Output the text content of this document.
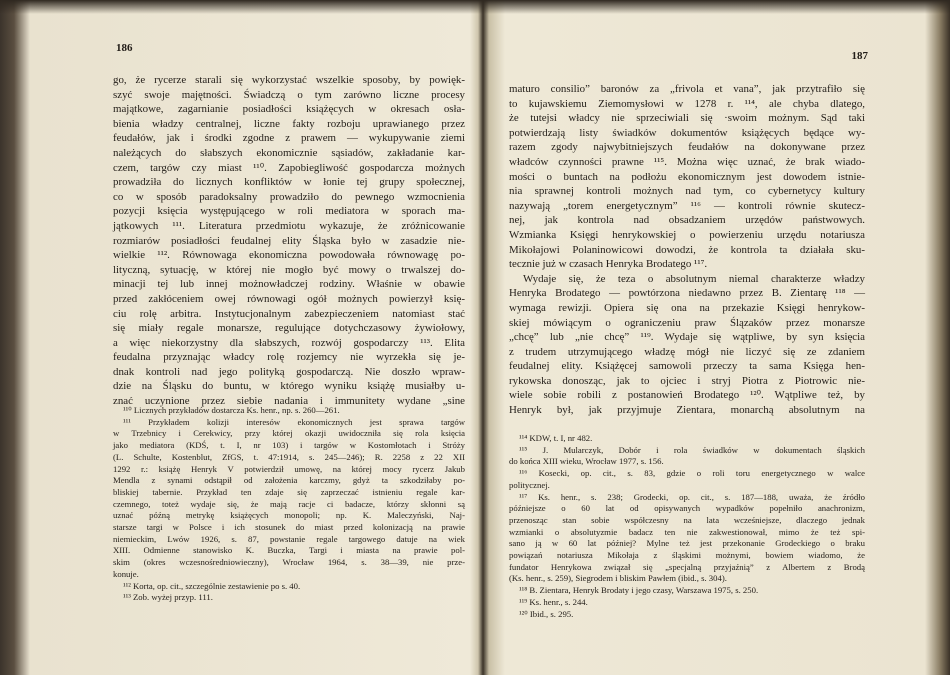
186
go, że rycerze starali się wykorzystać wszelkie sposoby, by powięk-
szyć swoje majętności. Świadczą o tym zarówno liczne procesy
majątkowe, zagarnianie posiadłości książęcych w okresach osła-
bienia władzy centralnej, liczne fakty rozboju uprawianego przez
feudałów, jak i środki zgodne z prawem — wykupywanie ziemi
należących do słabszych ekonomicznie sąsiadów, zakładanie kar-
czem, targów czy miast ¹¹⁰. Zapobiegliwość gospodarcza możnych
prowadziła do licznych konfliktów w łonie tej grupy społecznej,
co w sposób paradoksalny prowadziło do pewnego wzmocnienia
pozycji księcia występującego w roli mediatora w sporach ma-
jątkowych ¹¹¹. Literatura przedmiotu wykazuje, że zróżnicowanie
rozmiarów posiadłości feudalnej elity Śląska było w zasadzie nie-
wielkie ¹¹². Równowaga ekonomiczna powodowała równowagę po-
lityczną, sytuację, w której nie mogło być mowy o trwalszej do-
minacji tej lub innej możnowładczej rodziny. Właśnie w obawie
przed zakłóceniem owej równowagi ogół możnych powierzył księ-
ciu rolę arbitra. Instytucjonalnym zabezpieczeniem natomiast stać
się miały regale monarsze, regulujące dotychczasowy żywiołowy,
a więc niekorzystny dla słabszych, rozwój gospodarczy ¹¹³. Elita
feudalna przyznając władcy rolę rozjemcy nie wyrzekła się je-
dnak kontroli nad jego polityką gospodarczą. Nie doszło wpraw-
dzie na Śląsku do buntu, w którego wyniku książę musiałby u-
znać uczynione przez siebie nadania i immunitety wydane „sine
¹¹⁰ Licznych przykładów dostarcza Ks. henr., np. s. 260—261.
¹¹¹ Przykładem kolizji interesów ekonomicznych jest sprawa targów
w Trzebnicy i Cerekwicy, przy której okazji uwidoczniła się rola księcia
jako mediatora (KDŚ, t. I, nr 103) i targów w Kostomłotach i Stróży
(L. Schulte, Kostenblut, ZfGS, t. 47:1914, s. 245—246); R. 2258 z 22 XII
1292 r.: książę Henryk V potwierdził umowę, na której mocy rycerz Jakub
Mendla z synami odstąpił od założenia karczmy, gdyż ta szkodziłaby po-
bliskiej tabernie. Przykład ten zdaje się zaprzeczać istnieniu regale kar-
czemnego, toteż wydaje się, że mają racje ci badacze, którzy skłonni są
uznać późną metrykę książęcych monopoli; np. K. Maleczyński, Naj-
starsze targi w Polsce i ich stosunek do miast przed kolonizacją na prawie
niemieckim, Lwów 1926, s. 87, powstanie regale targowego datuje na wiek
XIII. Odmienne stanowisko K. Buczka, Targi i miasta na prawie pol-
skim (okres wczesnośredniowieczny), Wrocław 1964, s. 38—39, nie prze-
konuje.
¹¹² Korta, op. cit., szczególnie zestawienie po s. 40.
¹¹³ Zob. wyżej przyp. 111.
187
maturo consilio” baronów za „frivola et vana”, jak przytrafiło się
to kujawskiemu Ziemomysłowi w 1278 r. ¹¹⁴, ale chyba dlatego,
że tutejsi władcy nie sprzeciwiali się ·swoim możnym. Sąd taki
potwierdzają listy świadków dokumentów książęcych będące wy-
razem zgody najwybitniejszych feudałów na dokonywane przez
władców czynności prawne ¹¹⁵. Można więc uznać, że brak wiado-
mości o buntach na podłożu ekonomicznym jest dowodem istnie-
nia sprawnej kontroli możnych nad tym, co cybernetycy kultury
nazywają „torem energetycznym” ¹¹⁶ — kontroli równie skutecz-
nej, jak kontrola nad obsadzaniem urzędów państwowych.
Wzmianka Księgi henrykowskiej o powierzeniu urzędu notariusza
Mikołajowi Polaninowicowi dowodzi, że kontrola ta działała sku-
tecznie już w czasach Henryka Brodatego ¹¹⁷.
Wydaje się, że teza o absolutnym niemal charakterze władzy
Henryka Brodatego — powtórzona niedawno przez B. Zientarę ¹¹⁸ —
wymaga rewizji. Opiera się ona na przekazie Księgi henrykow-
skiej mówiącym o ograniczeniu praw Ślązaków przez monarsze
„chcę” lub „nie chcę” ¹¹⁹. Wydaje się wątpliwe, by syn księcia
z trudem utrzymującego władzę mógł nie liczyć się ze zdaniem
feudalnej elity. Książęcej samowoli przeczy ta sama Księga hen-
rykowska donosząc, jak to ojciec i stryj Piotra z Piotrowic nie-
wiele sobie robili z postanowień Brodatego ¹²⁰. Wątpliwe też, by
Henryk był, jak przyjmuje Zientara, monarchą absolutnym na
¹¹⁴ KDW, t. I, nr 482.
¹¹⁵ J. Mularczyk, Dobór i rola świadków w dokumentach śląskich
do końca XIII wieku, Wrocław 1977, s. 156.
¹¹⁶ Kosecki, op. cit., s. 83, gdzie o roli toru energetycznego w walce
politycznej.
¹¹⁷ Ks. henr., s. 238; Grodecki, op. cit., s. 187—188, uważa, że źródło
późniejsze o 60 lat od opisywanych wypadków popełniło anachronizm,
przenosząc stan sobie współczesny na lata wcześniejsze, dlaczego jednak
wzmianki o absolutyzmie badacz ten nie zakwestionował, mimo że też spi-
sano ją w 60 lat później? Mylne też jest przekonanie Grodeckiego o braku
powiązań notariusza Mikołaja z śląskimi możnymi, bowiem wiadomo, że
fundator Henrykowa związał się „specjalną przyjaźnią” z Albertem z Brodą
(Ks. henr., s. 259), Siegrodem i bliskim Pawłem (ibid., s. 304).
¹¹⁸ B. Zientara, Henryk Brodaty i jego czasy, Warszawa 1975, s. 250.
¹¹⁹ Ks. henr., s. 244.
¹²⁰ Ibid., s. 295.
